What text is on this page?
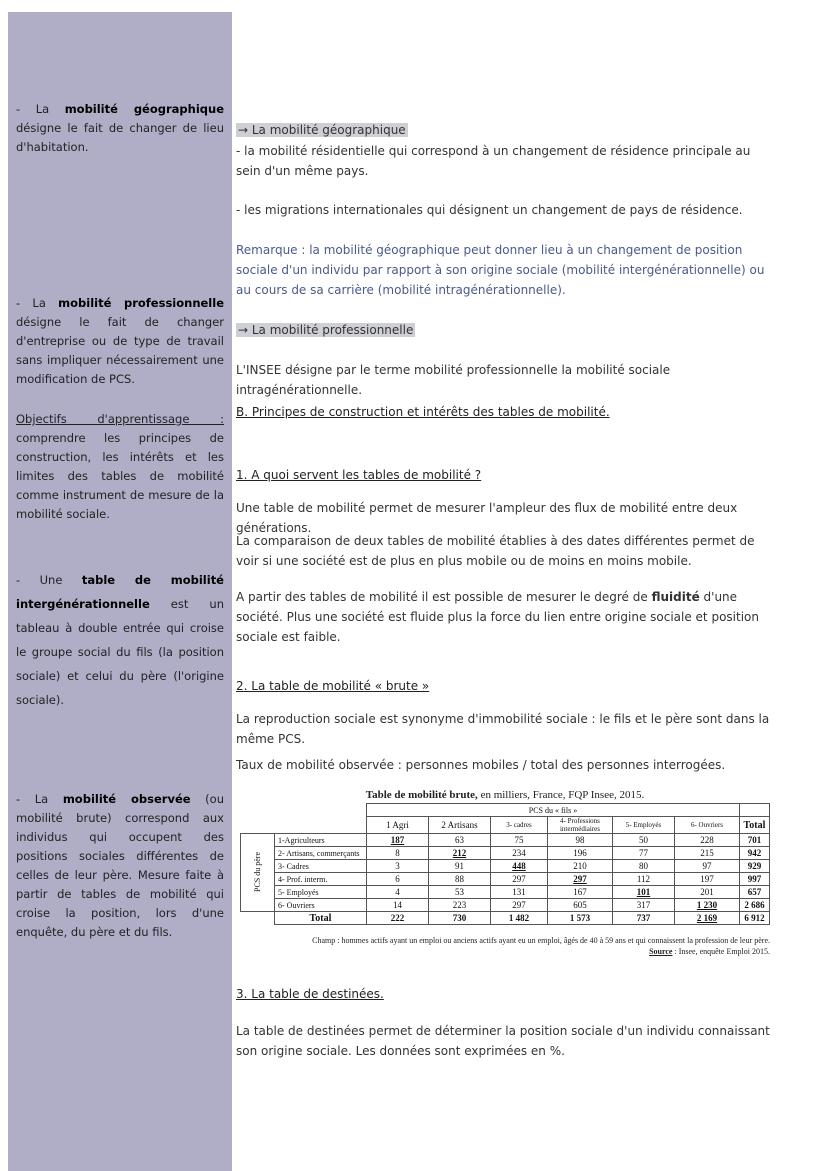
- La mobilité géographique désigne le fait de changer de lieu d'habitation.
- La mobilité professionnelle désigne le fait de changer d'entreprise ou de type de travail sans impliquer nécessairement une modification de PCS.
Objectifs d'apprentissage : comprendre les principes de construction, les intérêts et les limites des tables de mobilité comme instrument de mesure de la mobilité sociale.
- Une table de mobilité intergénérationnelle est un tableau à double entrée qui croise le groupe social du fils (la position sociale) et celui du père (l'origine sociale).
- La mobilité observée (ou mobilité brute) correspond aux individus qui occupent des positions sociales différentes de celles de leur père. Mesure faite à partir de tables de mobilité qui croise la position, lors d'une enquête, du père et du fils.
→ La mobilité géographique
- la mobilité résidentielle qui correspond à un changement de résidence principale au sein d'un même pays.
- les migrations internationales qui désignent un changement de pays de résidence.
Remarque : la mobilité géographique peut donner lieu à un changement de position sociale d'un individu par rapport à son origine sociale (mobilité intergénérationnelle) ou au cours de sa carrière (mobilité intragénérationnelle).
→ La mobilité professionnelle
L'INSEE désigne par le terme mobilité professionnelle la mobilité sociale intragénérationnelle.
B. Principes de construction et intérêts des tables de mobilité.
1. A quoi servent les tables de mobilité ?
Une table de mobilité permet de mesurer l'ampleur des flux de mobilité entre deux générations.
La comparaison de deux tables de mobilité établies à des dates différentes permet de voir si une société est de plus en plus mobile ou de moins en moins mobile.
A partir des tables de mobilité il est possible de mesurer le degré de fluidité d'une société. Plus une société est fluide plus la force du lien entre origine sociale et position sociale est faible.
2. La table de mobilité « brute »
La reproduction sociale est synonyme d'immobilité sociale : le fils et le père sont dans la même PCS.
Taux de mobilité observée : personnes mobiles / total des personnes interrogées.
Table de mobilité brute, en milliers, France, FQP Insee, 2015.
		PCS du « fils »						
		1 Agri	2 Artisans	3- cadres	4- Professions intermédiaires	5- Employés	6- Ouvriers	Total
PCS du père	1-Agriculteurs	187	63	75	98	50	228	701
	2- Artisans, commerçants	8	212	234	196	77	215	942
	3- Cadres	3	91	448	210	80	97	929
	4- Prof. interm.	6	88	297	297	112	197	997
	5- Employés	4	53	131	167	101	201	657
	6- Ouvriers	14	223	297	605	317	1 230	2 686
	Total	222	730	1 482	1 573	737	2 169	6 912
Champ : hommes actifs ayant un emploi ou anciens actifs ayant eu un emploi, âgés de 40 à 59 ans et qui connaissent la profession de leur père.
Source : Insee, enquête Emploi 2015.
3. La table de destinées.
La table de destinées permet de déterminer la position sociale d'un individu connaissant son origine sociale. Les données sont exprimées en %.
